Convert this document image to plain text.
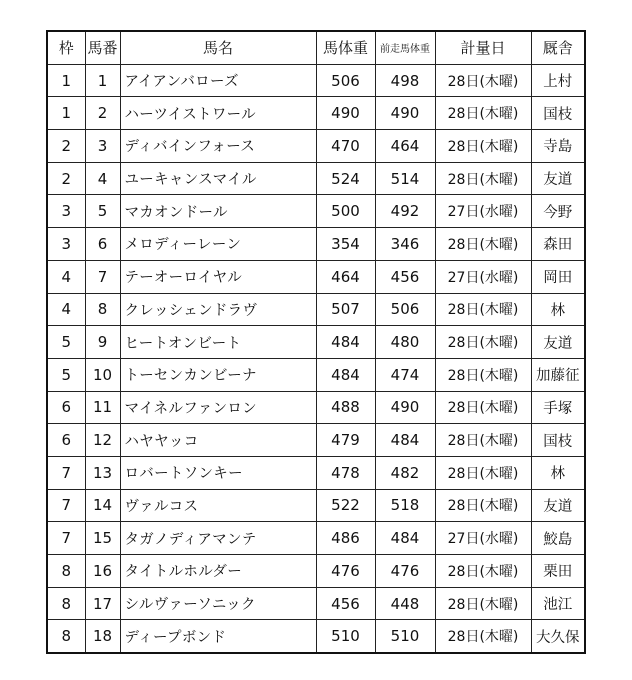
枠	馬番	馬名	馬体重	前走馬体重	計量日	厩舎
1	1	アイアンバローズ	506	498	28日(木曜)	上村
1	2	ハーツイストワール	490	490	28日(木曜)	国枝
2	3	ディバインフォース	470	464	28日(木曜)	寺島
2	4	ユーキャンスマイル	524	514	28日(木曜)	友道
3	5	マカオンドール	500	492	27日(水曜)	今野
3	6	メロディーレーン	354	346	28日(木曜)	森田
4	7	テーオーロイヤル	464	456	27日(水曜)	岡田
4	8	クレッシェンドラヴ	507	506	28日(木曜)	林
5	9	ヒートオンビート	484	480	28日(木曜)	友道
5	10	トーセンカンビーナ	484	474	28日(木曜)	加藤征
6	11	マイネルファンロン	488	490	28日(木曜)	手塚
6	12	ハヤヤッコ	479	484	28日(木曜)	国枝
7	13	ロバートソンキー	478	482	28日(木曜)	林
7	14	ヴァルコス	522	518	28日(木曜)	友道
7	15	タガノディアマンテ	486	484	27日(水曜)	鮫島
8	16	タイトルホルダー	476	476	28日(木曜)	栗田
8	17	シルヴァーソニック	456	448	28日(木曜)	池江
8	18	ディープボンド	510	510	28日(木曜)	大久保
